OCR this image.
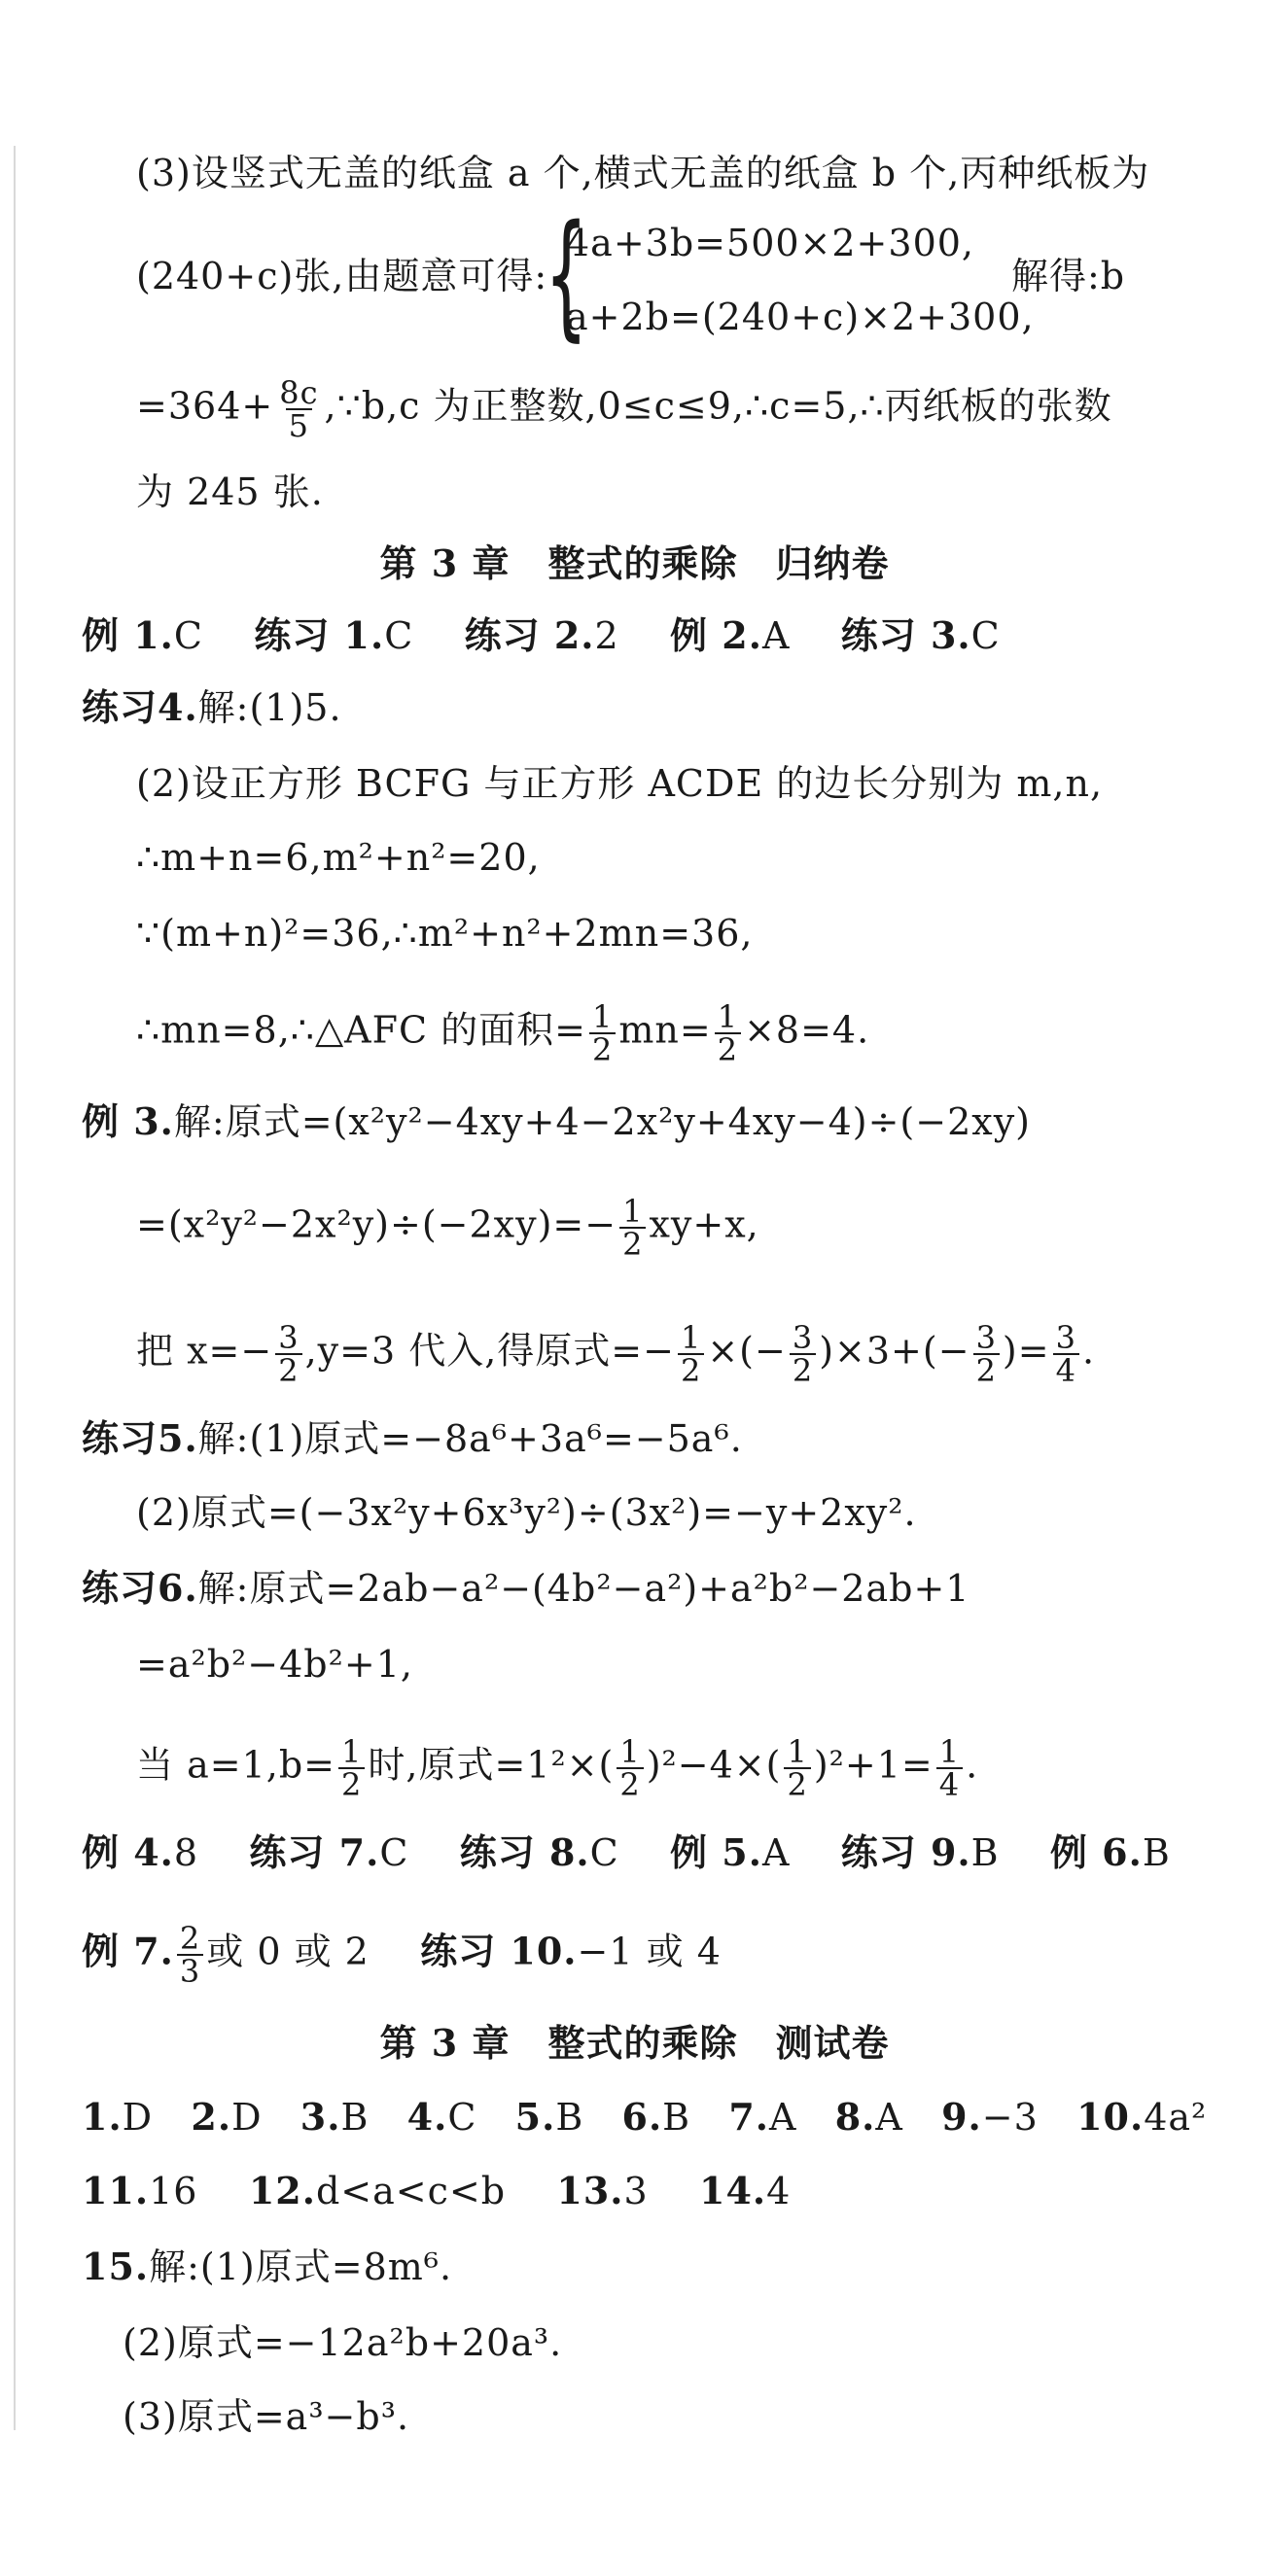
(3)设竖式无盖的纸盒 a 个,横式无盖的纸盒 b 个,丙种纸板为
(240+c)张,由题意可得:
{
4a+3b=500×2+300,
a+2b=(240+c)×2+300,
解得:b
$=364+ \frac{8c}{5}$ ,∵b,c 为正整数,0≤c≤9,∴c=5,∴丙纸板的张数
为 245 张.
第 3 章　整式的乘除　归纳卷
例 1.C 练习 1.C 练习 2.2 例 2.A 练习 3.C
练习4.解:(1)5.
(2)设正方形 BCFG 与正方形 ACDE 的边长分别为 m,n,
∴m+n=6,m²+n²=20,
∵(m+n)²=36,∴m²+n²+2mn=36,
∴mn=8,∴△AFC 的面积= $\frac{1}{2} mn= \frac{1}{2} \times 8=4$.
例 3.解:原式=(x²y²−4xy+4−2x²y+4xy−4)÷(−2xy)
$=(x^2y^2-2x^2y)\div(-2xy)=- \frac{1}{2} xy+x$,
把 $x=- \frac{3}{2} ,y=3$ 代入,得原式=− $\frac{1}{2}$ ×(− $\frac{3}{2} )\times 3+(- \frac{3}{2}$ )= $\frac{3}{4}$ .
练习5.解:(1)原式=−8a⁶+3a⁶=−5a⁶.
(2)原式=(−3x²y+6x³y²)÷(3x²)=−y+2xy².
练习6.解:原式=2ab−a²−(4b²−a²)+a²b²−2ab+1
=a²b²−4b²+1,
当 $a=1,b= \frac{1}{2}$ 时,原式$=1^2\times( \frac{1}{2} )^2-4\times( \frac{1}{2} )^2+1= \frac{1}{4}$ .
例 4.8 练习 7.C 练习 8.C 例 5.A 练习 9.B 例 6.B
例 7. $\frac{2}{3}$ 或 0 或 2 练习 10.−1 或 4
第 3 章　整式的乘除　测试卷
1.D 2.D 3.B 4.C 5.B 6.B 7.A 8.A 9.−3 10.4a²
11.16 12.d<a<c<b 13.3 14.4
15.解:(1)原式=8m⁶.
(2)原式=−12a²b+20a³.
(3)原式=a³−b³.
